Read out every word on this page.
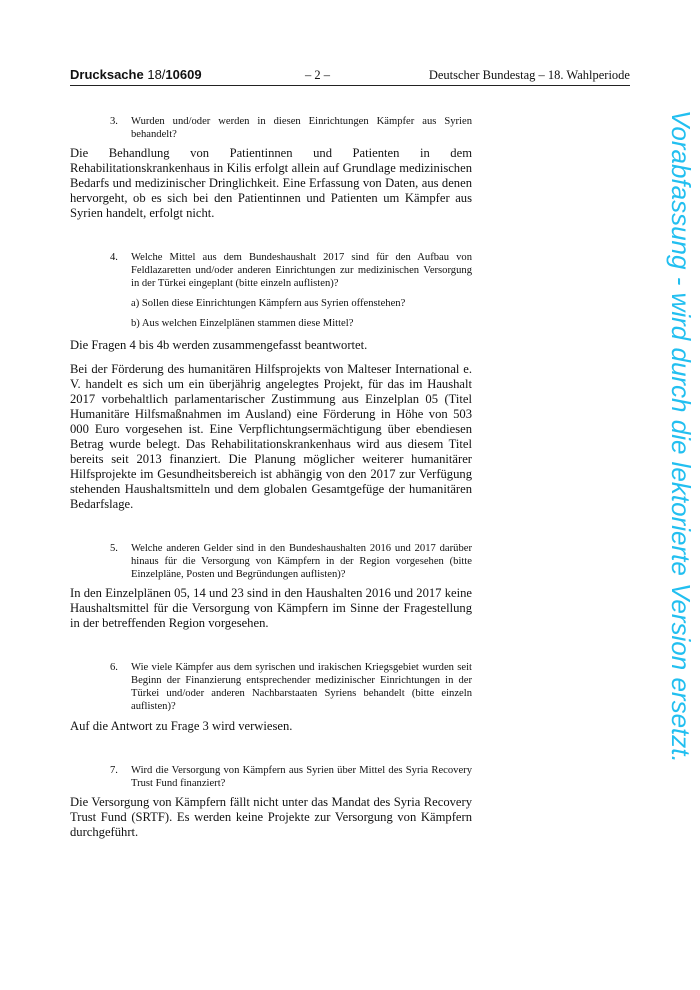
Drucksache 18/10609	– 2 –	Deutscher Bundestag – 18. Wahlperiode
3. Wurden und/oder werden in diesen Einrichtungen Kämpfer aus Syrien behandelt?

Die Behandlung von Patientinnen und Patienten in dem Rehabilitationskrankenhaus in Kilis erfolgt allein auf Grundlage medizinischen Bedarfs und medizinischer Dringlichkeit. Eine Erfassung von Daten, aus denen hervorgeht, ob es sich bei den Patientinnen und Patienten um Kämpfer aus Syrien handelt, erfolgt nicht.

4. Welche Mittel aus dem Bundeshaushalt 2017 sind für den Aufbau von Feldlazaretten und/oder anderen Einrichtungen zur medizinischen Versorgung in der Türkei eingeplant (bitte einzeln auflisten)?
a) Sollen diese Einrichtungen Kämpfern aus Syrien offenstehen?
b) Aus welchen Einzelplänen stammen diese Mittel?

Die Fragen 4 bis 4b werden zusammengefasst beantwortet.

Bei der Förderung des humanitären Hilfsprojekts von Malteser International e. V. handelt es sich um ein überjährig angelegtes Projekt, für das im Haushalt 2017 vorbehaltlich parlamentarischer Zustimmung aus Einzelplan 05 (Titel Humanitäre Hilfsmaßnahmen im Ausland) eine Förderung in Höhe von 503 000 Euro vorgesehen ist. Eine Verpflichtungsermächtigung über ebendiesen Betrag wurde belegt. Das Rehabilitationskrankenhaus wird aus diesem Titel bereits seit 2013 finanziert. Die Planung möglicher weiterer humanitärer Hilfsprojekte im Gesundheitsbereich ist abhängig von den 2017 zur Verfügung stehenden Haushaltsmitteln und dem globalen Gesamtgefüge der humanitären Bedarfslage.

5. Welche anderen Gelder sind in den Bundeshaushalten 2016 und 2017 darüber hinaus für die Versorgung von Kämpfern in der Region vorgesehen (bitte Einzelpläne, Posten und Begründungen auflisten)?

In den Einzelplänen 05, 14 und 23 sind in den Haushalten 2016 und 2017 keine Haushaltsmittel für die Versorgung von Kämpfern im Sinne der Fragestellung in der betreffenden Region vorgesehen.

6. Wie viele Kämpfer aus dem syrischen und irakischen Kriegsgebiet wurden seit Beginn der Finanzierung entsprechender medizinischer Einrichtungen in der Türkei und/oder anderen Nachbarstaaten Syriens behandelt (bitte einzeln auflisten)?

Auf die Antwort zu Frage 3 wird verwiesen.

7. Wird die Versorgung von Kämpfern aus Syrien über Mittel des Syria Recovery Trust Fund finanziert?

Die Versorgung von Kämpfern fällt nicht unter das Mandat des Syria Recovery Trust Fund (SRTF). Es werden keine Projekte zur Versorgung von Kämpfern durchgeführt.

Vorabfassung - wird durch die lektorierte Version ersetzt.
